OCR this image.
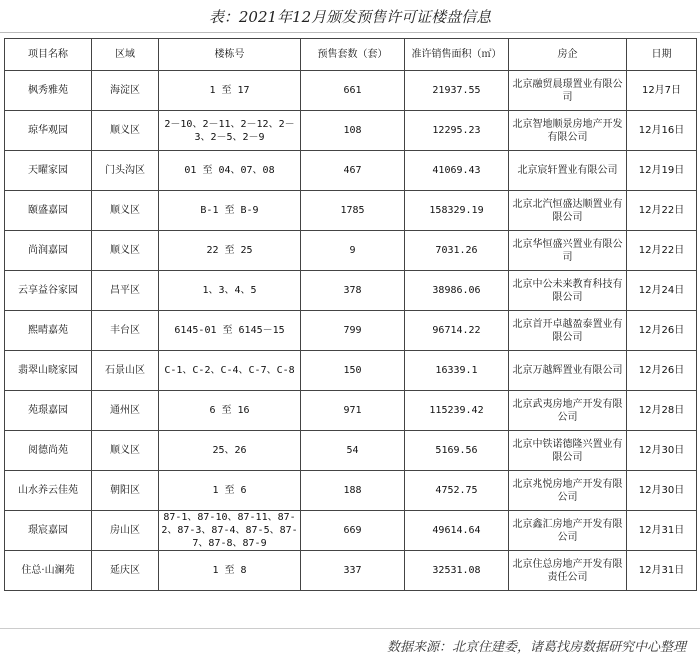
表：2021年12月颁发预售许可证楼盘信息
项目名称	区域	楼栋号	预售套数（套）	准许销售面积（㎡）	房企	日期
枫秀雅苑	海淀区	1 至 17	661	21937.55	北京融贸晨璟置业有限公司	12月7日
琼华观园	顺义区	2－10、2－11、2－12、2－3、2－5、2－9	108	12295.23	北京智地顺景房地产开发有限公司	12月16日
天曜家园	门头沟区	01 至 04、07、08	467	41069.43	北京宸轩置业有限公司	12月19日
颐盛嘉园	顺义区	B-1 至 B-9	1785	158329.19	北京北汽恒盛达顺置业有限公司	12月22日
尚润嘉园	顺义区	22 至 25	9	7031.26	北京华恒盛兴置业有限公司	12月22日
云享益谷家园	昌平区	1、3、4、5	378	38986.06	北京中公未来教育科技有限公司	12月24日
熙晴嘉苑	丰台区	6145-01 至 6145－15	799	96714.22	北京首开卓越盈泰置业有限公司	12月26日
翡翠山晓家园	石景山区	C-1、C-2、C-4、C-7、C-8	150	16339.1	北京万越辉置业有限公司	12月26日
苑璟嘉园	通州区	6 至 16	971	115239.42	北京武夷房地产开发有限公司	12月28日
阅德尚苑	顺义区	25、26	54	5169.56	北京中铁诺德隆兴置业有限公司	12月30日
山水养云佳苑	朝阳区	1 至 6	188	4752.75	北京兆悦房地产开发有限公司	12月30日
璟宸嘉园	房山区	87-1、87-10、87-11、87-2、87-3、87-4、87-5、87-7、87-8、87-9	669	49614.64	北京鑫汇房地产开发有限公司	12月31日
住总·山澜苑	延庆区	1 至 8	337	32531.08	北京住总房地产开发有限责任公司	12月31日
数据来源：北京住建委，诸葛找房数据研究中心整理
